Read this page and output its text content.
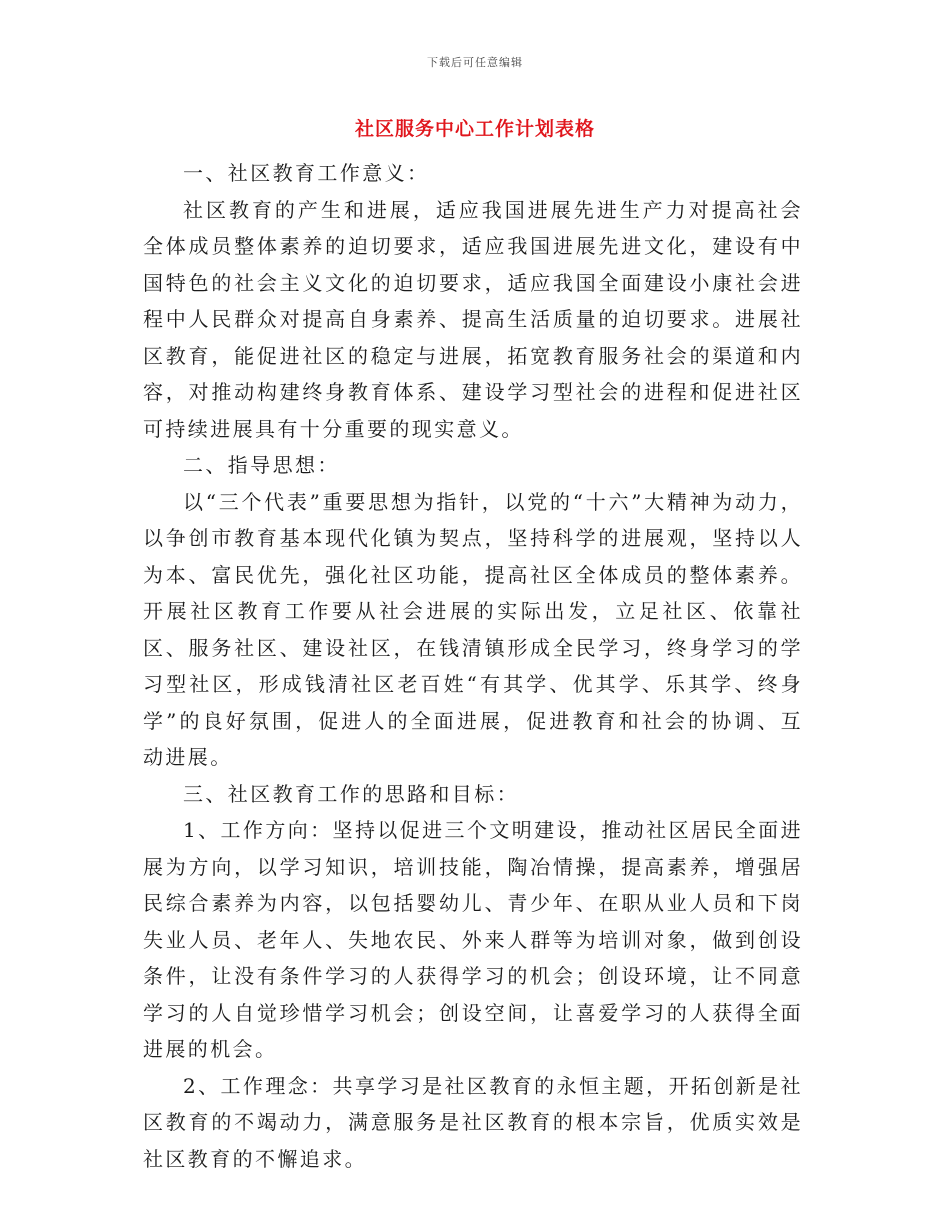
下载后可任意编辑
社区服务中心工作计划表格

一、社区教育工作意义：

社区教育的产生和进展，适应我国进展先进生产力对提高社会全体成员整体素养的迫切要求，适应我国进展先进文化，建设有中国特色的社会主义文化的迫切要求，适应我国全面建设小康社会进程中人民群众对提高自身素养、提高生活质量的迫切要求。进展社区教育，能促进社区的稳定与进展，拓宽教育服务社会的渠道和内容，对推动构建终身教育体系、建设学习型社会的进程和促进社区可持续进展具有十分重要的现实意义。

二、指导思想：

以“三个代表”重要思想为指针，以党的“十六”大精神为动力，以争创市教育基本现代化镇为契点，坚持科学的进展观，坚持以人为本、富民优先，强化社区功能，提高社区全体成员的整体素养。开展社区教育工作要从社会进展的实际出发，立足社区、依靠社区、服务社区、建设社区，在钱清镇形成全民学习，终身学习的学习型社区，形成钱清社区老百姓“有其学、优其学、乐其学、终身学”的良好氛围，促进人的全面进展，促进教育和社会的协调、互动进展。

三、社区教育工作的思路和目标：

1、工作方向：坚持以促进三个文明建设，推动社区居民全面进展为方向，以学习知识，培训技能，陶冶情操，提高素养，增强居民综合素养为内容，以包括婴幼儿、青少年、在职从业人员和下岗失业人员、老年人、失地农民、外来人群等为培训对象，做到创设条件，让没有条件学习的人获得学习的机会；创设环境，让不同意学习的人自觉珍惜学习机会；创设空间，让喜爱学习的人获得全面进展的机会。

2、工作理念：共享学习是社区教育的永恒主题，开拓创新是社区教育的不竭动力，满意服务是社区教育的根本宗旨，优质实效是社区教育的不懈追求。
